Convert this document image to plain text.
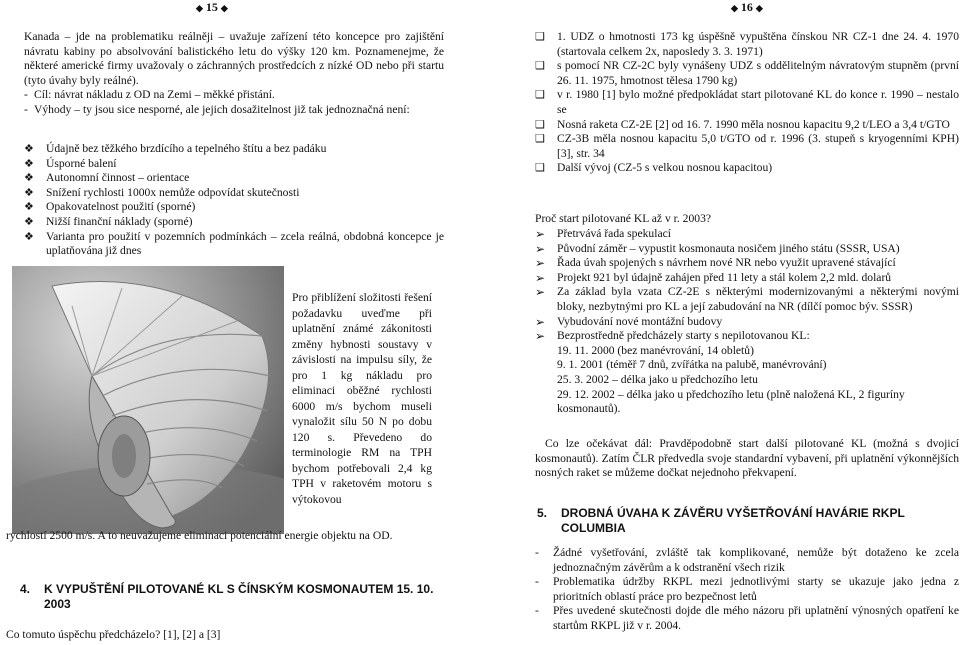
◆ 15 ◆
Kanada – jde na problematiku reálněji – uvažuje zařízení této koncepce pro zajištění návratu kabiny po absolvování balistického letu do výšky 120 km. Poznamenejme, že některé americké firmy uvažovaly o záchranných prostředcích z nízké OD nebo při startu (tyto úvahy byly reálné).
- Cíl: návrat nákladu z OD na Zemi – měkké přistání.
- Výhody – ty jsou sice nesporné, ale jejich dosažitelnost již tak jednoznačná není:
❖	Údajně bez těžkého brzdícího a tepelného štítu a bez padáku
❖	Úsporné balení
❖	Autonomní činnost – orientace
❖	Snížení rychlosti 1000x nemůže odpovídat skutečnosti
❖	Opakovatelnost použití (sporné)
❖	Nižší finanční náklady (sporné)
❖	Varianta pro použití v pozemních podmínkách – zcela reálná, obdobná koncepce je uplatňována již dnes
Pro přiblížení složitosti řešení požadavku uveďme při uplatnění známé zákonitosti změny hybnosti soustavy v závislosti na impulsu síly, že pro 1 kg nákladu pro eliminaci oběžné rychlosti 6000 m/s bychom museli vynaložit sílu 50 N po dobu 120 s. Převedeno do terminologie RM na TPH bychom potřebovali 2,4 kg TPH v raketovém motoru s výtokovou
rychlostí 2500 m/s. A to neuvažujeme eliminaci potenciální energie objektu na OD.
4.	K VYPUŠTĚNÍ PILOTOVANÉ KL S ČÍNSKÝM KOSMONAUTEM 15. 10. 2003
Co tomuto úspěchu předcházelo? [1], [2] a [3]
◆ 16 ◆
❑	1. UDZ o hmotnosti 173 kg úspěšně vypuštěna čínskou NR CZ-1 dne 24. 4. 1970 (startovala celkem 2x, naposledy 3. 3. 1971)
❑	s pomocí NR CZ-2C byly vynášeny UDZ s oddělitelným návratovým stupněm (první 26. 11. 1975, hmotnost tělesa 1790 kg)
❑	v r. 1980 [1] bylo možné předpokládat start pilotované KL do konce r. 1990 – nestalo se
❑	Nosná raketa CZ-2E [2] od 16. 7. 1990 měla nosnou kapacitu 9,2 t/LEO a 3,4 t/GTO
❑	CZ-3B měla nosnou kapacitu 5,0 t/GTO od r. 1996 (3. stupeň s kryogenními KPH) [3], str. 34
❑	Další vývoj (CZ-5 s velkou nosnou kapacitou)
Proč start pilotované KL až v r. 2003?
➢	Přetrvává řada spekulací
➢	Původní záměr – vypustit kosmonauta nosičem jiného státu (SSSR, USA)
➢	Řada úvah spojených s návrhem nové NR nebo využit upravené stávající
➢	Projekt 921 byl údajně zahájen před 11 lety a stál kolem 2,2 mld. dolarů
➢	Za základ byla vzata CZ-2E s některými modernizovanými a některými novými bloky, nezbytnými pro KL a její zabudování na NR (dílčí pomoc býv. SSSR)
➢	Vybudování nové montážní budovy
➢	Bezprostředně předcházely starty s nepilotovanou KL:
19. 11. 2000 (bez manévrování, 14 obletů)
9. 1. 2001 (téměř 7 dnů, zvířátka na palubě, manévrování)
25. 3. 2002 – délka jako u předchozího letu
29. 12. 2002 – délka jako u předchozího letu (plně naložená KL, 2 figuríny kosmonautů).
Co lze očekávat dál: Pravděpodobně start další pilotované KL (možná s dvojicí kosmonautů). Zatím ČLR předvedla svoje standardní vybavení, při uplatnění výkonnějších nosných raket se můžeme dočkat nejednoho překvapení.
5.	DROBNÁ ÚVAHA K ZÁVĚRU VYŠETŘOVÁNÍ HAVÁRIE RKPL COLUMBIA
-	Žádné vyšetřování, zvláště tak komplikované, nemůže být dotaženo ke zcela jednoznačným závěrům a k odstranění všech rizik
-	Problematika údržby RKPL mezi jednotlivými starty se ukazuje jako jedna z prioritních oblastí práce pro bezpečnost letů
-	Přes uvedené skutečnosti dojde dle mého názoru při uplatnění výnosných opatření ke startům RKPL již v r. 2004.
